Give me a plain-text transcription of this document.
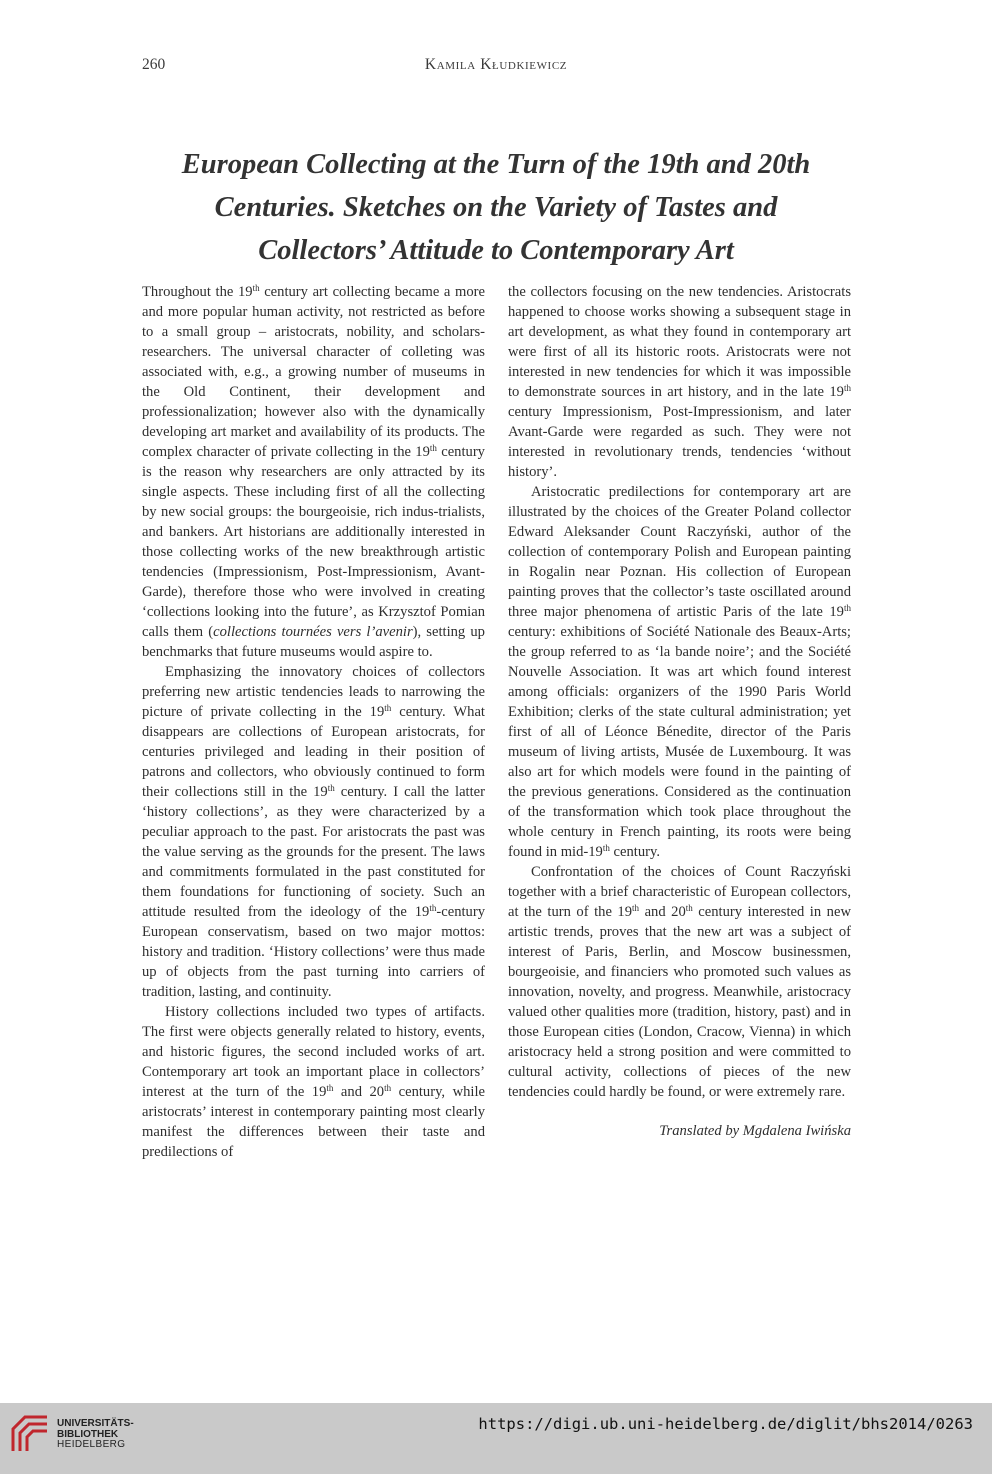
260	Kamila Kłudkiewicz
European Collecting at the Turn of the 19th and 20th
Centuries. Sketches on the Variety of Tastes and
Collectors’ Attitude to Contemporary Art

Throughout the 19th century art collecting became a more and more popular human activity, not restricted as before to a small group – aristocrats, nobility, and scholars-researchers. The universal character of colleting was associated with, e.g., a growing number of museums in the Old Continent, their development and professionalization; however also with the dynamically developing art market and availability of its products. The complex character of private collecting in the 19th century is the reason why researchers are only attracted by its single aspects. These including first of all the collecting by new social groups: the bourgeoisie, rich indus-trialists, and bankers. Art historians are additionally interested in those collecting works of the new breakthrough artistic tendencies (Impressionism, Post-Impressionism, Avant-Garde), therefore those who were involved in creating ‘collections looking into the future’, as Krzysztof Pomian calls them (collections tournées vers l’avenir), setting up benchmarks that future museums would aspire to.

Emphasizing the innovatory choices of collectors preferring new artistic tendencies leads to narrowing the picture of private collecting in the 19th century. What disappears are collections of European aristocrats, for centuries privileged and leading in their position of patrons and collectors, who obviously continued to form their collections still in the 19th century. I call the latter ‘history collections’, as they were characterized by a peculiar approach to the past. For aristocrats the past was the value serving as the grounds for the present. The laws and commitments formulated in the past constituted for them foundations for functioning of society. Such an attitude resulted from the ideology of the 19th-century European conservatism, based on two major mottos: history and tradition. ‘History collections’ were thus made up of objects from the past turning into carriers of tradition, lasting, and continuity.

History collections included two types of artifacts. The first were objects generally related to history, events, and historic figures, the second included works of art. Contemporary art took an important place in collectors’ interest at the turn of the 19th and 20th century, while aristocrats’ interest in contemporary painting most clearly manifest the differences between their taste and predilections of

the collectors focusing on the new tendencies. Aristocrats happened to choose works showing a subsequent stage in art development, as what they found in contemporary art were first of all its historic roots. Aristocrats were not interested in new tendencies for which it was impossible to demonstrate sources in art history, and in the late 19th century Impressionism, Post-Impressionism, and later Avant-Garde were regarded as such. They were not interested in revolutionary trends, tendencies ‘without history’.

Aristocratic predilections for contemporary art are illustrated by the choices of the Greater Poland collector Edward Aleksander Count Raczyński, author of the collection of contemporary Polish and European painting in Rogalin near Poznan. His collection of European painting proves that the collector’s taste oscillated around three major phenomena of artistic Paris of the late 19th century: exhibitions of Société Nationale des Beaux-Arts; the group referred to as ‘la bande noire’; and the Société Nouvelle Association. It was art which found interest among officials: organizers of the 1990 Paris World Exhibition; clerks of the state cultural administration; yet first of all of Léonce Bénedite, director of the Paris museum of living artists, Musée de Luxembourg. It was also art for which models were found in the painting of the previous generations. Considered as the continuation of the transformation which took place throughout the whole century in French painting, its roots were being found in mid-19th century.

Confrontation of the choices of Count Raczyński together with a brief characteristic of European collectors, at the turn of the 19th and 20th century interested in new artistic trends, proves that the new art was a subject of interest of Paris, Berlin, and Moscow businessmen, bourgeoisie, and financiers who promoted such values as innovation, novelty, and progress. Meanwhile, aristocracy valued other qualities more (tradition, history, past) and in those European cities (London, Cracow, Vienna) in which aristocracy held a strong position and were committed to cultural activity, collections of pieces of the new tendencies could hardly be found, or were extremely rare.

Translated by Mgdalena Iwińska

UNIVERSITÄTS-
BIBLIOTHEK
HEIDELBERG
https://digi.ub.uni-heidelberg.de/diglit/bhs2014/0263
